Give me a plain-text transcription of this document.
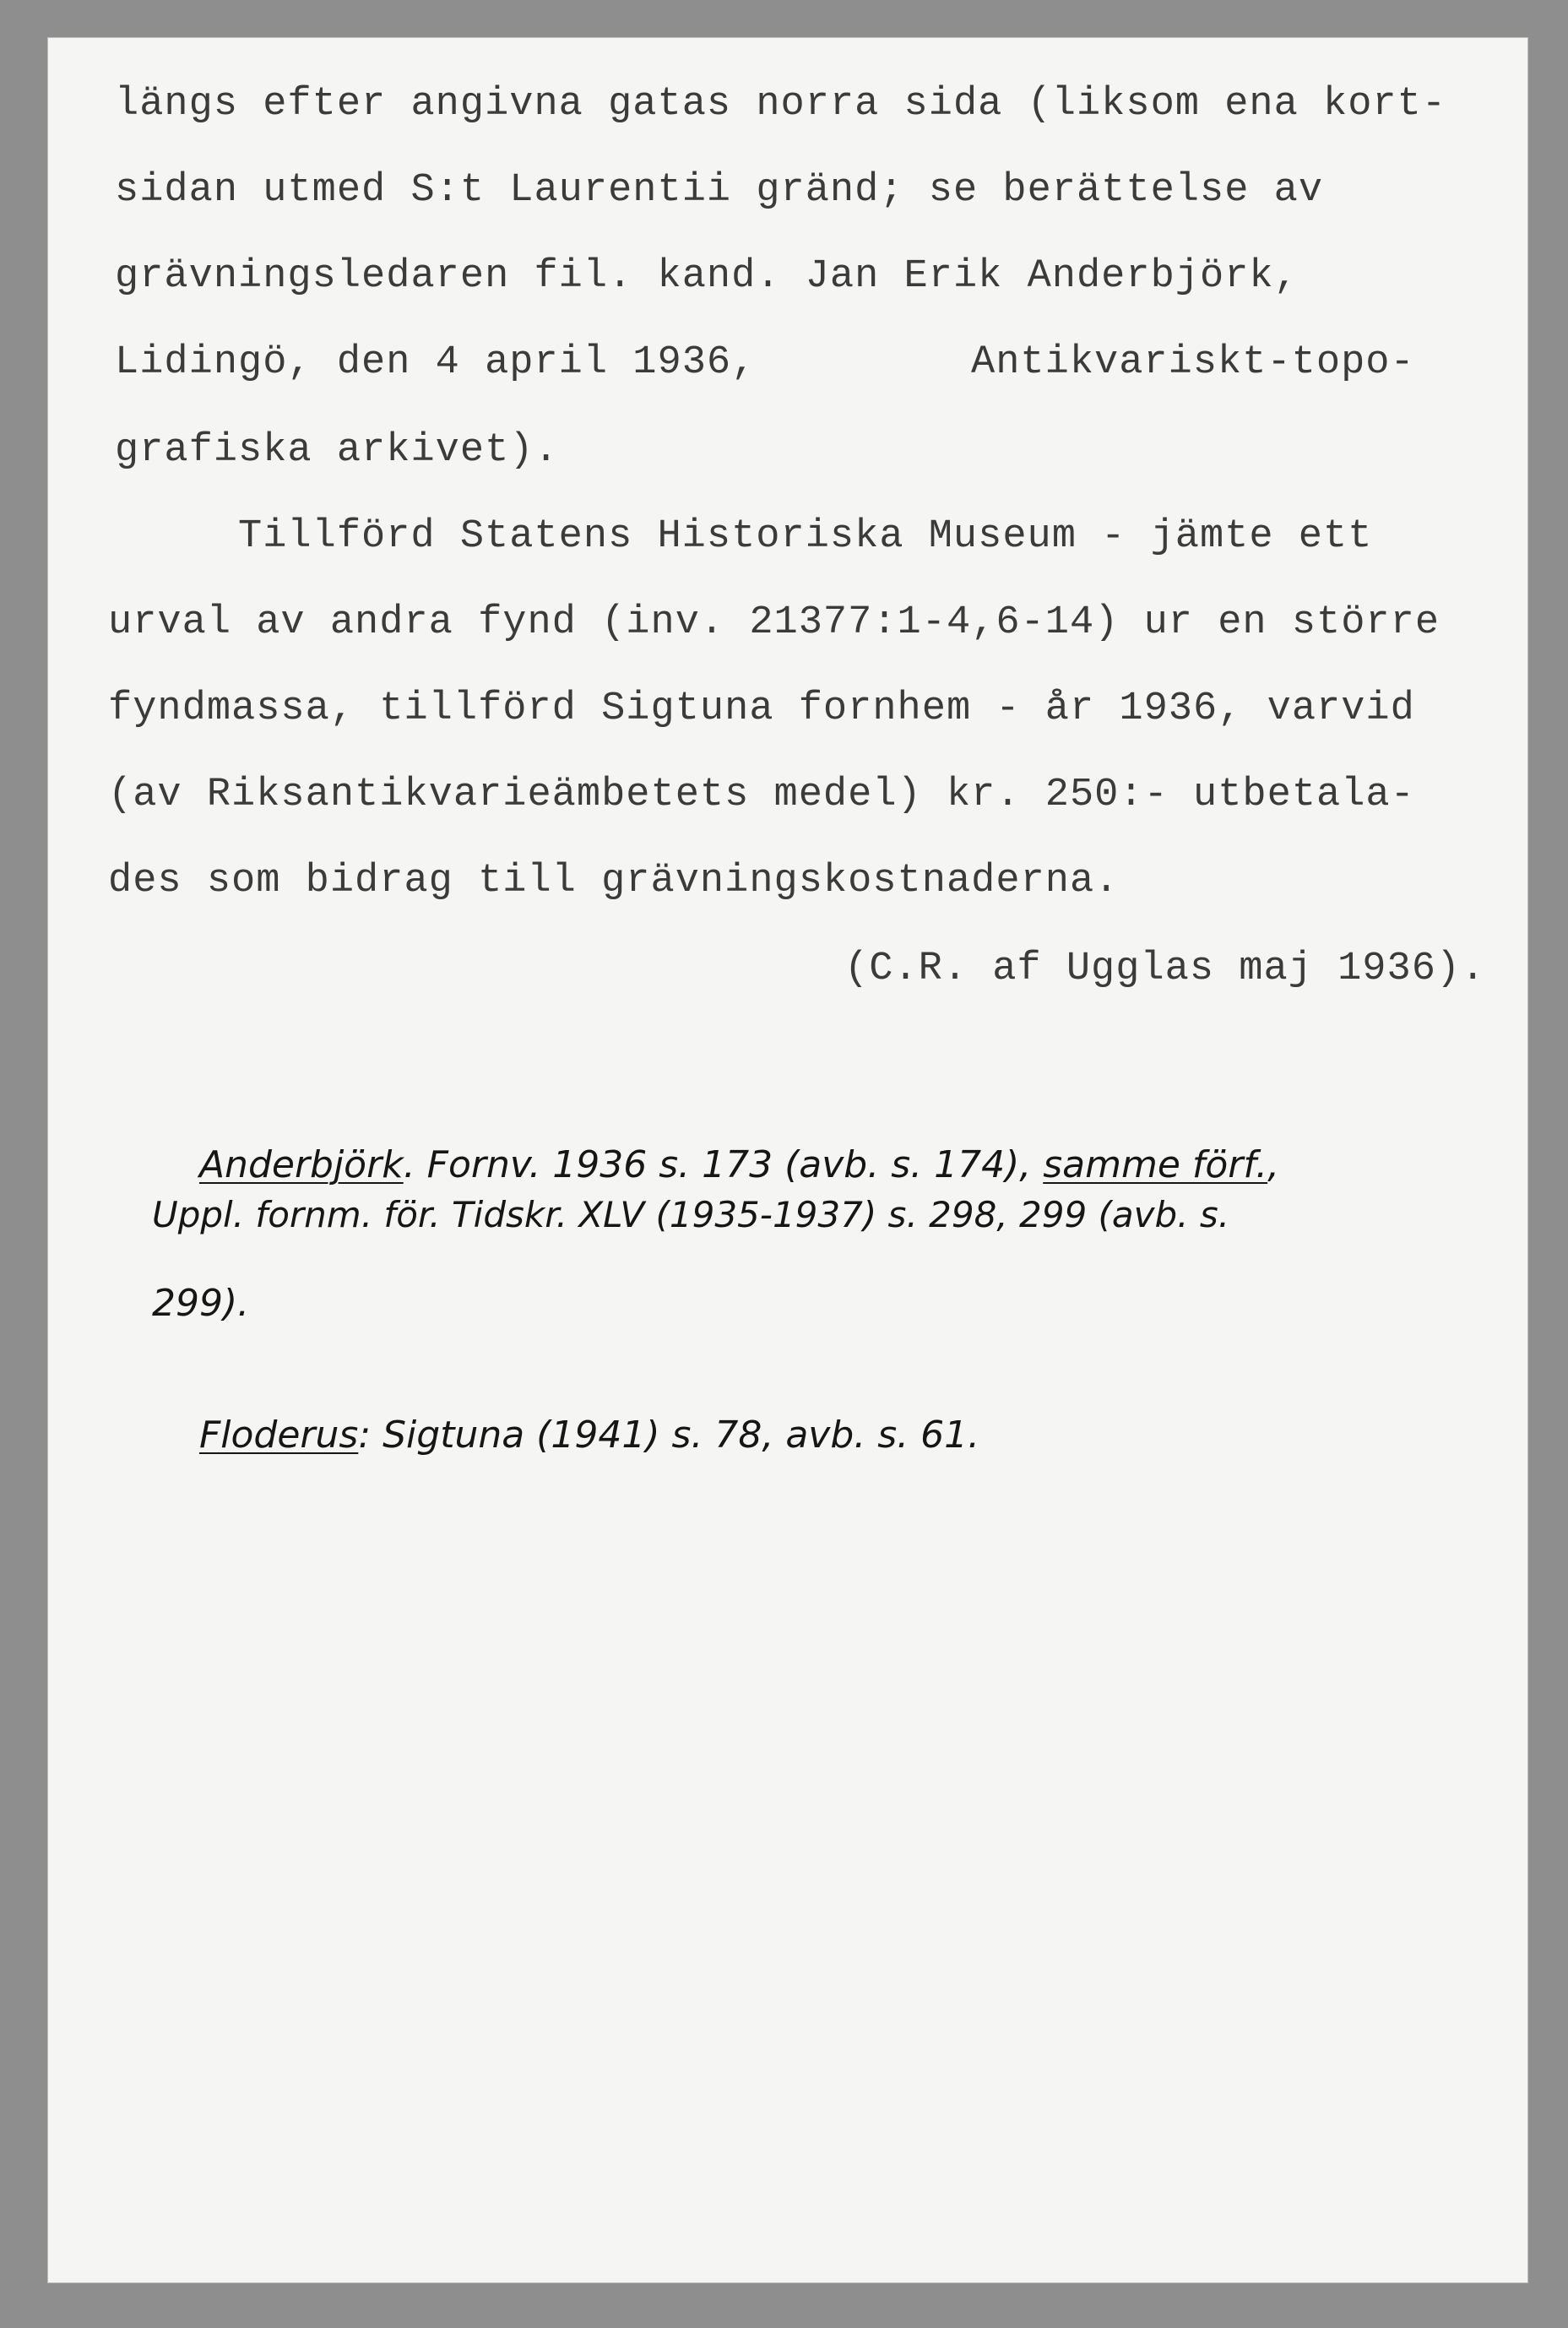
längs efter angivna gatas norra sida (liksom ena kort-
sidan utmed S:t Laurentii gränd; se berättelse av
grävningsledaren fil. kand. Jan Erik Anderbjörk,
Lidingö, den 4 april 1936,	Antikvariskt-topo-
grafiska arkivet).
Tillförd Statens Historiska Museum - jämte ett
urval av andra fynd (inv. 21377:1-4,6-14) ur en större
fyndmassa, tillförd Sigtuna fornhem - år 1936, varvid
(av Riksantikvarieämbetets medel) kr. 250:- utbetala-
des som bidrag till grävningskostnaderna.
(C.R. af Ugglas maj 1936).

Anderbjörk. Fornv. 1936 s. 173 (avb. s. 174), samme förf.,

Uppl. fornm. för. Tidskr. XLV (1935-1937) s. 298, 299 (avb. s.
299).

Floderus: Sigtuna (1941) s. 78, avb. s. 61.
